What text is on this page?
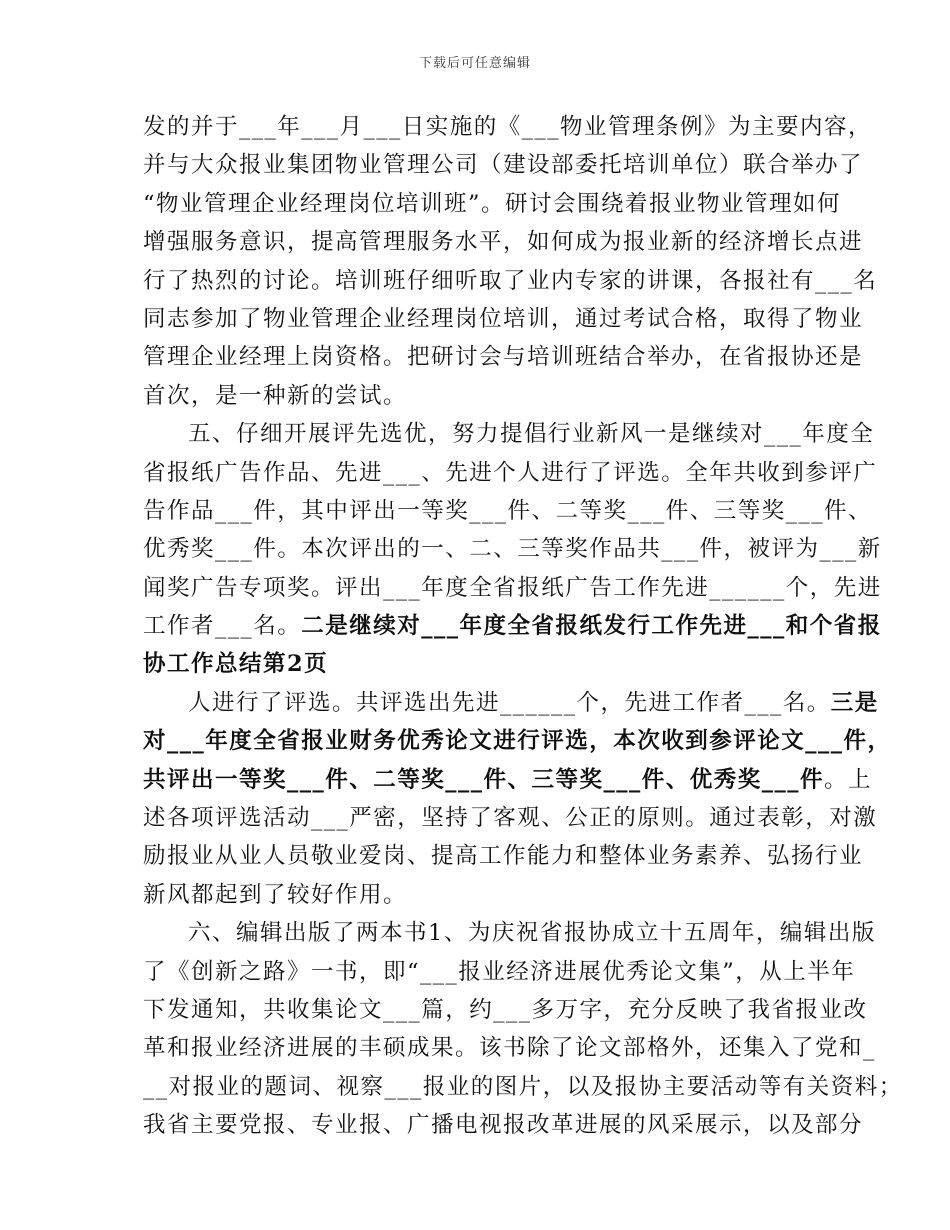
下载后可任意编辑
发的并于___年___月___日实施的《___物业管理条例》为主要内容，
并与大众报业集团物业管理公司（建设部委托培训单位）联合举办了
“物业管理企业经理岗位培训班”。研讨会围绕着报业物业管理如何
增强服务意识，提高管理服务水平，如何成为报业新的经济增长点进
行了热烈的讨论。培训班仔细听取了业内专家的讲课，各报社有___名
同志参加了物业管理企业经理岗位培训，通过考试合格，取得了物业
管理企业经理上岗资格。把研讨会与培训班结合举办，在省报协还是
首次，是一种新的尝试。
五、仔细开展评先选优，努力提倡行业新风一是继续对___年度全
省报纸广告作品、先进___、先进个人进行了评选。全年共收到参评广
告作品___件，其中评出一等奖___件、二等奖___件、三等奖___件、
优秀奖___件。本次评出的一、二、三等奖作品共___件，被评为___新
闻奖广告专项奖。评出___年度全省报纸广告工作先进______个，先进
工作者___名。二是继续对___年度全省报纸发行工作先进___和个省报
协工作总结第2页
人进行了评选。共评选出先进______个，先进工作者___名。三是
对___年度全省报业财务优秀论文进行评选，本次收到参评论文___件，
共评出一等奖___件、二等奖___件、三等奖___件、优秀奖___件。上
述各项评选活动___严密，坚持了客观、公正的原则。通过表彰，对激
励报业从业人员敬业爱岗、提高工作能力和整体业务素养、弘扬行业
新风都起到了较好作用。
六、编辑出版了两本书1、为庆祝省报协成立十五周年，编辑出版
了《创新之路》一书，即“___报业经济进展优秀论文集”，从上半年
下发通知，共收集论文___篇，约___多万字，充分反映了我省报业改
革和报业经济进展的丰硕成果。该书除了论文部格外，还集入了党和_
__对报业的题词、视察___报业的图片，以及报协主要活动等有关资料；
我省主要党报、专业报、广播电视报改革进展的风采展示，以及部分
